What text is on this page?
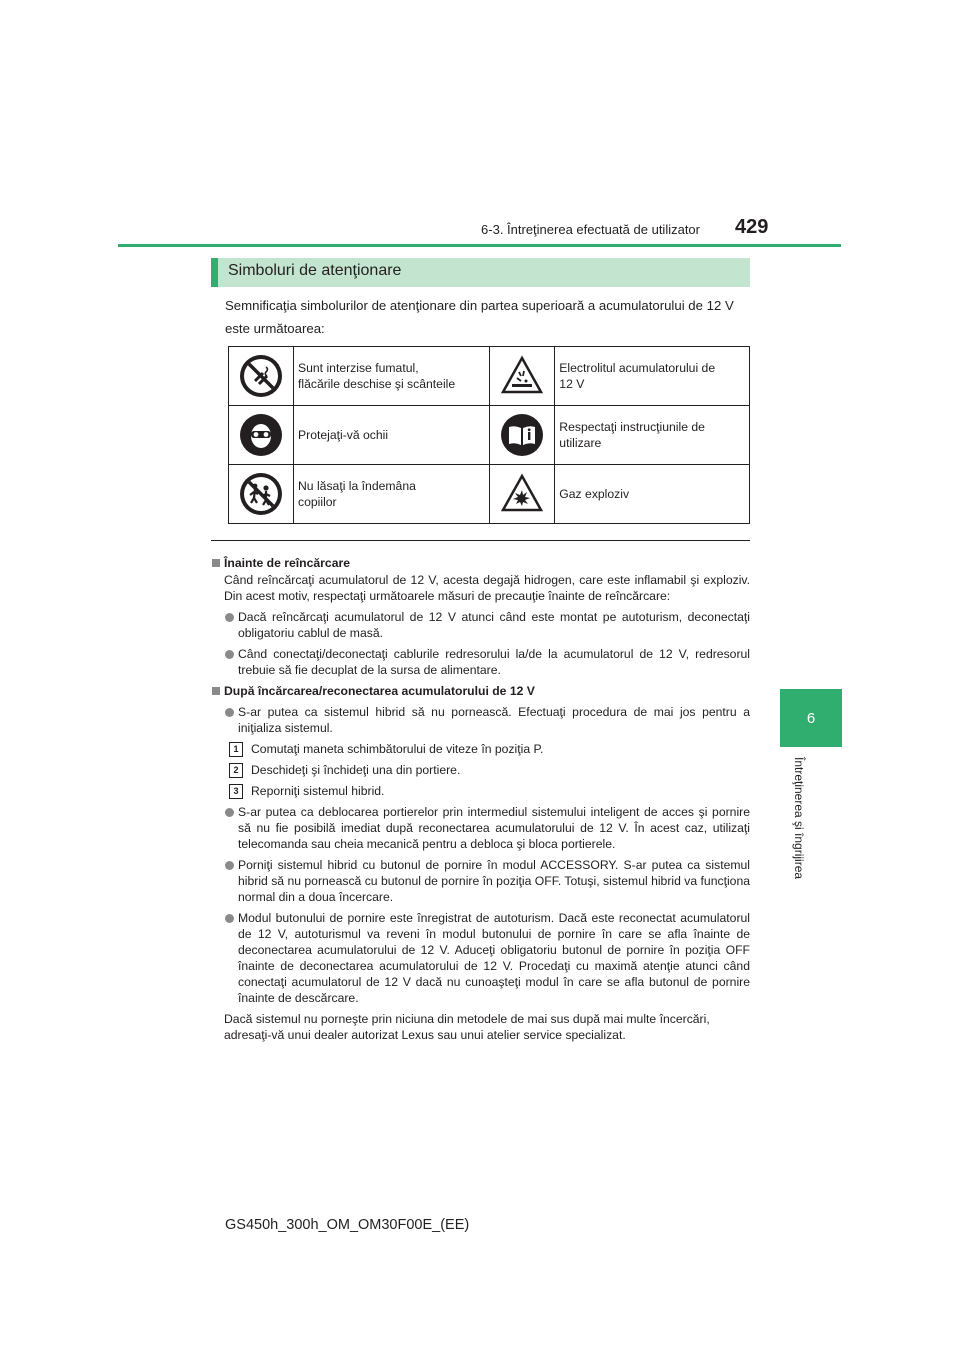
6-3. Întreţinerea efectuată de utilizator 429
6
Întreţinerea şi îngrijirea
Simboluri de atenţionare
Semnificaţia simbolurilor de atenţionare din partea superioară a acumulatorului de 12 V este următoarea:
	Sunt interzise fumatul,
flăcările deschise şi scânteile		Electrolitul acumulatorului de
12 V

	Protejaţi-vă ochii		Respectaţi instrucţiunile de
utilizare

	Nu lăsaţi la îndemâna
copiilor		Gaz exploziv

Înainte de reîncărcare

Când reîncărcaţi acumulatorul de 12 V, acesta degajă hidrogen, care este inflamabil şi exploziv. Din acest motiv, respectaţi următoarele măsuri de precauţie înainte de reîncărcare:

Dacă reîncărcaţi acumulatorul de 12 V atunci când este montat pe autoturism, deconectaţi obligatoriu cablul de masă.

Când conectaţi/deconectaţi cablurile redresorului la/de la acumulatorul de 12 V, redresorul trebuie să fie decuplat de la sursa de alimentare.

După încărcarea/reconectarea acumulatorului de 12 V

S-ar putea ca sistemul hibrid să nu pornească. Efectuaţi procedura de mai jos pentru a iniţializa sistemul.

1	Comutaţi maneta schimbătorului de viteze în poziţia P.

2	Deschideţi şi închideţi una din portiere.

3	Reporniţi sistemul hibrid.

S-ar putea ca deblocarea portierelor prin intermediul sistemului inteligent de acces şi pornire să nu fie posibilă imediat după reconectarea acumulatorului de 12 V. În acest caz, utilizaţi telecomanda sau cheia mecanică pentru a debloca şi bloca portierele.

Porniţi sistemul hibrid cu butonul de pornire în modul ACCESSORY. S-ar putea ca sistemul hibrid să nu pornească cu butonul de pornire în poziţia OFF. Totuşi, sistemul hibrid va funcţiona normal din a doua încercare.

Modul butonului de pornire este înregistrat de autoturism. Dacă este reconectat acumulatorul de 12 V, autoturismul va reveni în modul butonului de pornire în care se afla înainte de deconectarea acumulatorului de 12 V. Aduceţi obligatoriu butonul de pornire în poziţia OFF înainte de deconectarea acumulatorului de 12 V. Procedaţi cu maximă atenţie atunci când conectaţi acumulatorul de 12 V dacă nu cunoaşteţi modul în care se afla butonul de pornire înainte de descărcare.

Dacă sistemul nu porneşte prin niciuna din metodele de mai sus după mai multe încercări, adresaţi-vă unui dealer autorizat Lexus sau unui atelier service specializat.

GS450h_300h_OM_OM30F00E_(EE)
